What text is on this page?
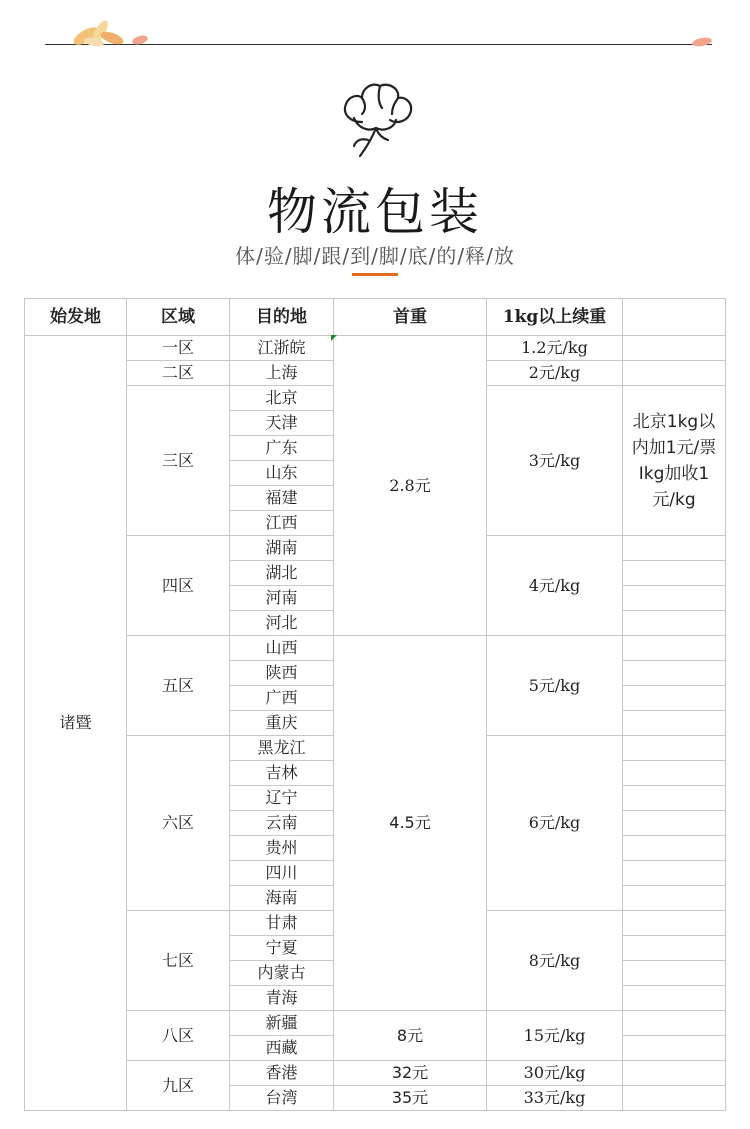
物流包装
体/验/脚/跟/到/脚/底/的/释/放
始发地	区域	目的地	首重	1kg以上续重	
诸暨	一区	江浙皖	2.8元	1.2元/kg	
	二区	上海		2元/kg	
	三区	北京		3元/kg	北京1kg以内加1元/票Ikg加收1元/kg
		天津			
		广东			
		山东			
		福建			
		江西			
	四区	湖南		4元/kg	
		湖北			
		河南			
		河北			
	五区	山西	4.5元	5元/kg	
		陕西			
		广西			
		重庆			
	六区	黑龙江		6元/kg	
		吉林			
		辽宁			
		云南			
		贵州			
		四川			
		海南			
	七区	甘肃		8元/kg	
		宁夏			
		内蒙古			
		青海			
	八区	新疆	8元	15元/kg	
		西藏			
	九区	香港	32元	30元/kg	
		台湾	35元	33元/kg	
